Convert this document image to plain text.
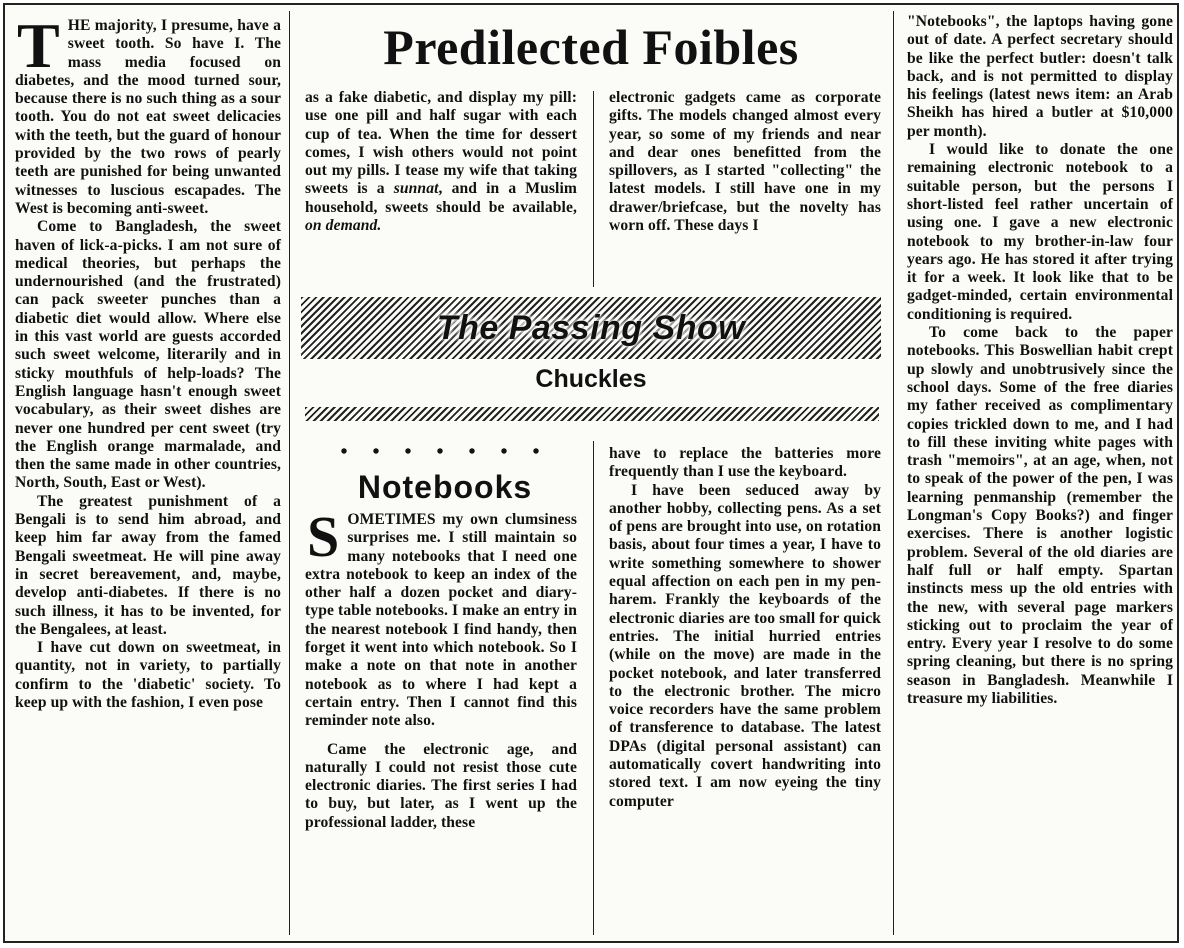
THE majority, I presume, have a sweet tooth. So have I. The mass media focused on diabetes, and the mood turned sour, because there is no such thing as a sour tooth. You do not eat sweet delicacies with the teeth, but the guard of honour provided by the two rows of pearly teeth are punished for being unwanted witnesses to luscious escapades. The West is becoming anti-sweet.

Come to Bangladesh, the sweet haven of lick-a-picks. I am not sure of medical theories, but perhaps the undernourished (and the frustrated) can pack sweeter punches than a diabetic diet would allow. Where else in this vast world are guests accorded such sweet welcome, literarily and in sticky mouthfuls of help-loads? The English language hasn't enough sweet vocabulary, as their sweet dishes are never one hundred per cent sweet (try the English orange marmalade, and then the same made in other countries, North, South, East or West).

The greatest punishment of a Bengali is to send him abroad, and keep him far away from the famed Bengali sweetmeat. He will pine away in secret bereavement, and, maybe, develop anti-diabetes. If there is no such illness, it has to be invented, for the Bengalees, at least.

I have cut down on sweetmeat, in quantity, not in variety, to partially confirm to the 'diabetic' society. To keep up with the fashion, I even pose

Predilected Foibles

as a fake diabetic, and display my pill: use one pill and half sugar with each cup of tea. When the time for dessert comes, I wish others would not point out my pills. I tease my wife that taking sweets is a sunnat, and in a Muslim household, sweets should be available, on demand.

electronic gadgets came as corporate gifts. The models changed almost every year, so some of my friends and near and dear ones benefitted from the spillovers, as I started "collecting" the latest models. I still have one in my drawer/briefcase, but the novelty has worn off. These days I

The Passing Show
Chuckles
• • • • • • •
Notebooks

SOMETIMES my own clumsiness surprises me. I still maintain so many notebooks that I need one extra notebook to keep an index of the other half a dozen pocket and diary-type table notebooks. I make an entry in the nearest notebook I find handy, then forget it went into which notebook. So I make a note on that note in another notebook as to where I had kept a certain entry. Then I cannot find this reminder note also.

Came the electronic age, and naturally I could not resist those cute electronic diaries. The first series I had to buy, but later, as I went up the professional ladder, these

have to replace the batteries more frequently than I use the keyboard.

I have been seduced away by another hobby, collecting pens. As a set of pens are brought into use, on rotation basis, about four times a year, I have to write something somewhere to shower equal affection on each pen in my pen-harem. Frankly the keyboards of the electronic diaries are too small for quick entries. The initial hurried entries (while on the move) are made in the pocket notebook, and later transferred to the electronic brother. The micro voice recorders have the same problem of transference to database. The latest DPAs (digital personal assistant) can automatically covert handwriting into stored text. I am now eyeing the tiny computer

"Notebooks", the laptops having gone out of date. A perfect secretary should be like the perfect butler: doesn't talk back, and is not permitted to display his feelings (latest news item: an Arab Sheikh has hired a butler at $10,000 per month).

I would like to donate the one remaining electronic notebook to a suitable person, but the persons I short-listed feel rather uncertain of using one. I gave a new electronic notebook to my brother-in-law four years ago. He has stored it after trying it for a week. It look like that to be gadget-minded, certain environmental conditioning is required.

To come back to the paper notebooks. This Boswellian habit crept up slowly and unobtrusively since the school days. Some of the free diaries my father received as complimentary copies trickled down to me, and I had to fill these inviting white pages with trash "memoirs", at an age, when, not to speak of the power of the pen, I was learning penmanship (remember the Longman's Copy Books?) and finger exercises. There is another logistic problem. Several of the old diaries are half full or half empty. Spartan instincts mess up the old entries with the new, with several page markers sticking out to proclaim the year of entry. Every year I resolve to do some spring cleaning, but there is no spring season in Bangladesh. Meanwhile I treasure my liabilities.
